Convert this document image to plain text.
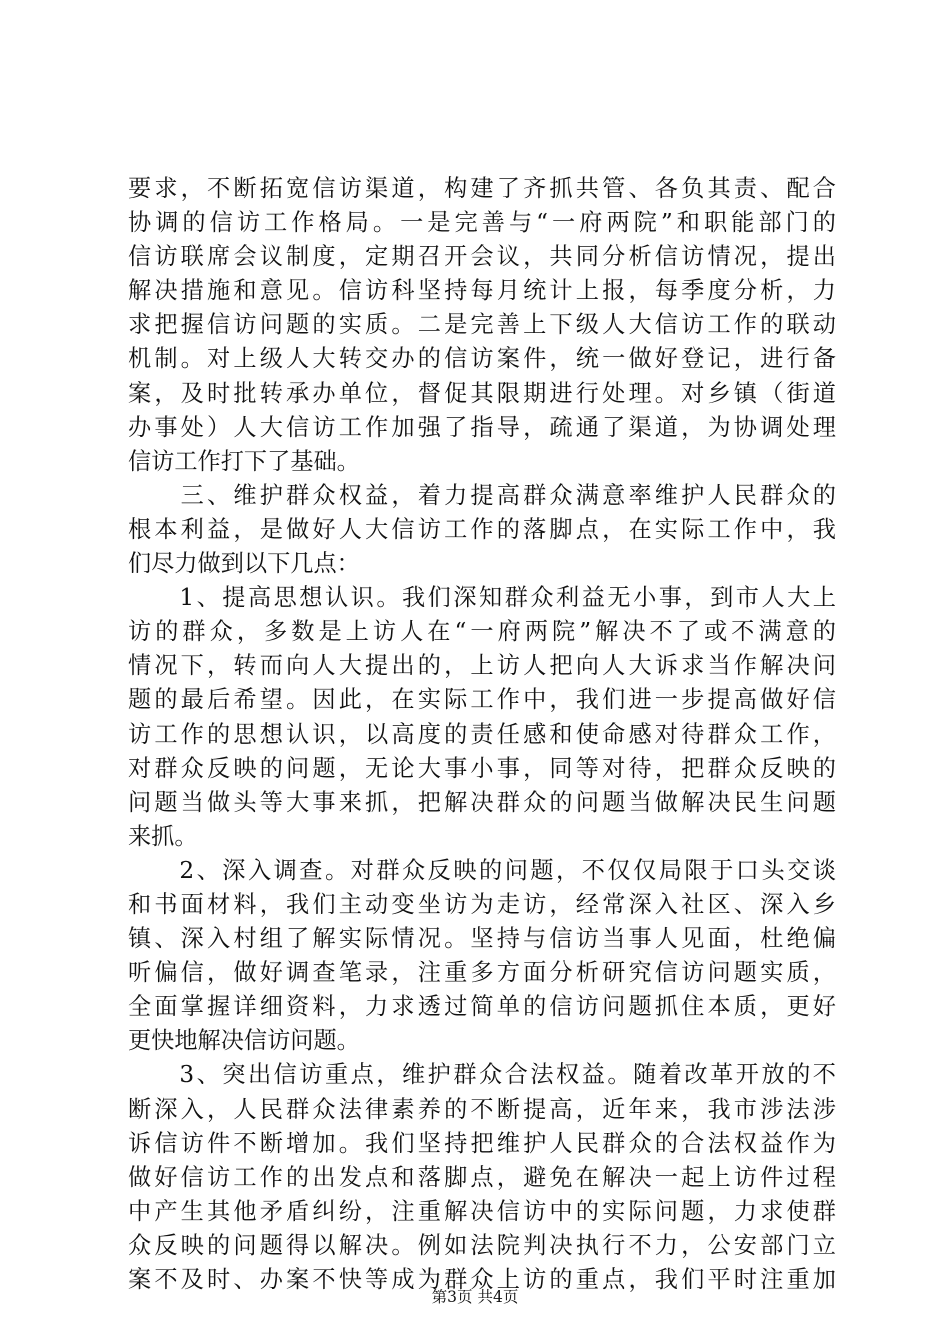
要求，不断拓宽信访渠道，构建了齐抓共管、各负其责、配合
协调的信访工作格局。一是完善与“一府两院”和职能部门的
信访联席会议制度，定期召开会议，共同分析信访情况，提出
解决措施和意见。信访科坚持每月统计上报，每季度分析，力
求把握信访问题的实质。二是完善上下级人大信访工作的联动
机制。对上级人大转交办的信访案件，统一做好登记，进行备
案，及时批转承办单位，督促其限期进行处理。对乡镇（街道
办事处）人大信访工作加强了指导，疏通了渠道，为协调处理
信访工作打下了基础。
　　三、维护群众权益，着力提高群众满意率维护人民群众的
根本利益，是做好人大信访工作的落脚点，在实际工作中，我
们尽力做到以下几点：
　　1、提高思想认识。我们深知群众利益无小事，到市人大上
访的群众，多数是上访人在“一府两院”解决不了或不满意的
情况下，转而向人大提出的，上访人把向人大诉求当作解决问
题的最后希望。因此，在实际工作中，我们进一步提高做好信
访工作的思想认识，以高度的责任感和使命感对待群众工作，
对群众反映的问题，无论大事小事，同等对待，把群众反映的
问题当做头等大事来抓，把解决群众的问题当做解决民生问题
来抓。
　　2、深入调查。对群众反映的问题，不仅仅局限于口头交谈
和书面材料，我们主动变坐访为走访，经常深入社区、深入乡
镇、深入村组了解实际情况。坚持与信访当事人见面，杜绝偏
听偏信，做好调查笔录，注重多方面分析研究信访问题实质，
全面掌握详细资料，力求透过简单的信访问题抓住本质，更好
更快地解决信访问题。
　　3、突出信访重点，维护群众合法权益。随着改革开放的不
断深入，人民群众法律素养的不断提高，近年来，我市涉法涉
诉信访件不断增加。我们坚持把维护人民群众的合法权益作为
做好信访工作的出发点和落脚点，避免在解决一起上访件过程
中产生其他矛盾纠纷，注重解决信访中的实际问题，力求使群
众反映的问题得以解决。例如法院判决执行不力，公安部门立
案不及时、办案不快等成为群众上访的重点，我们平时注重加
第3页 共4页
